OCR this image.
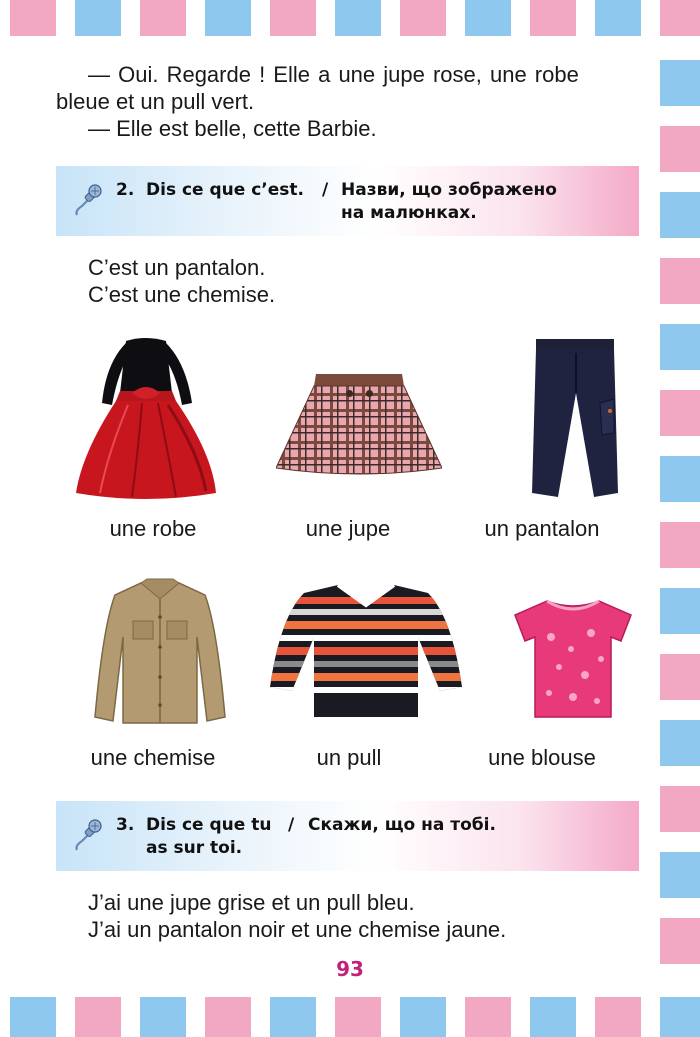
— Oui. Regarde ! Elle a une jupe rose, une robe
bleue et un pull vert.
— Elle est belle, cette Barbie.
2. Dis ce que c’est. / Назви, що зображено
на малюнках.
C’est un pantalon.
C’est une chemise.
une robe	une jupe	un pantalon
une chemise	un pull	une blouse
3. Dis ce que tu / Скажи, що на тобі.
as sur toi.
J’ai une jupe grise et un pull bleu.
J’ai un pantalon noir et une chemise jaune.
93
